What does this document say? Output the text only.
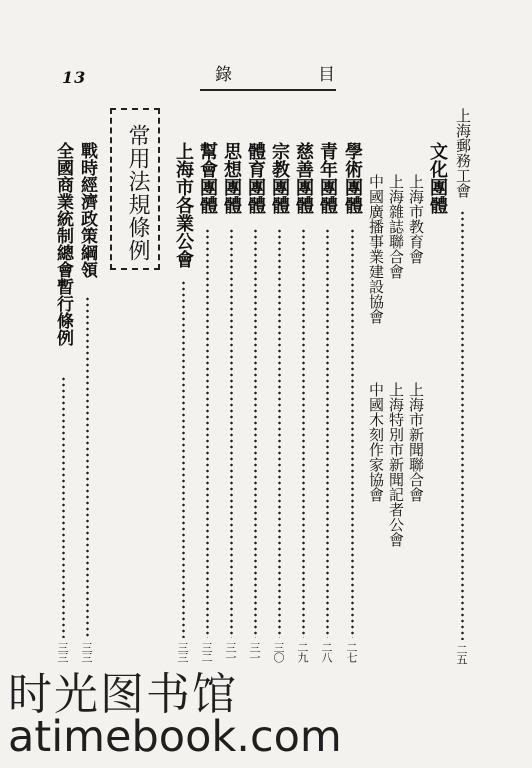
13	錄	目
上海郵務工會
二五
文化團體
上海市教育會
上海市新聞聯合會
上海雜誌聯合會
上海特別市新聞記者公會
中國廣播事業建設協會
中國木刻作家協會
學術團體
二七
青年團體
二八
慈善團體
二九
宗教團體
三〇
體育團體
三一
思想團體
三一
幫會團體
三二
上海市各業公會
三三
常用法規條例
戰時經濟政策綱領
三三
全國商業統制總會暫行條例
三三
时光图书馆
atimebook.com
